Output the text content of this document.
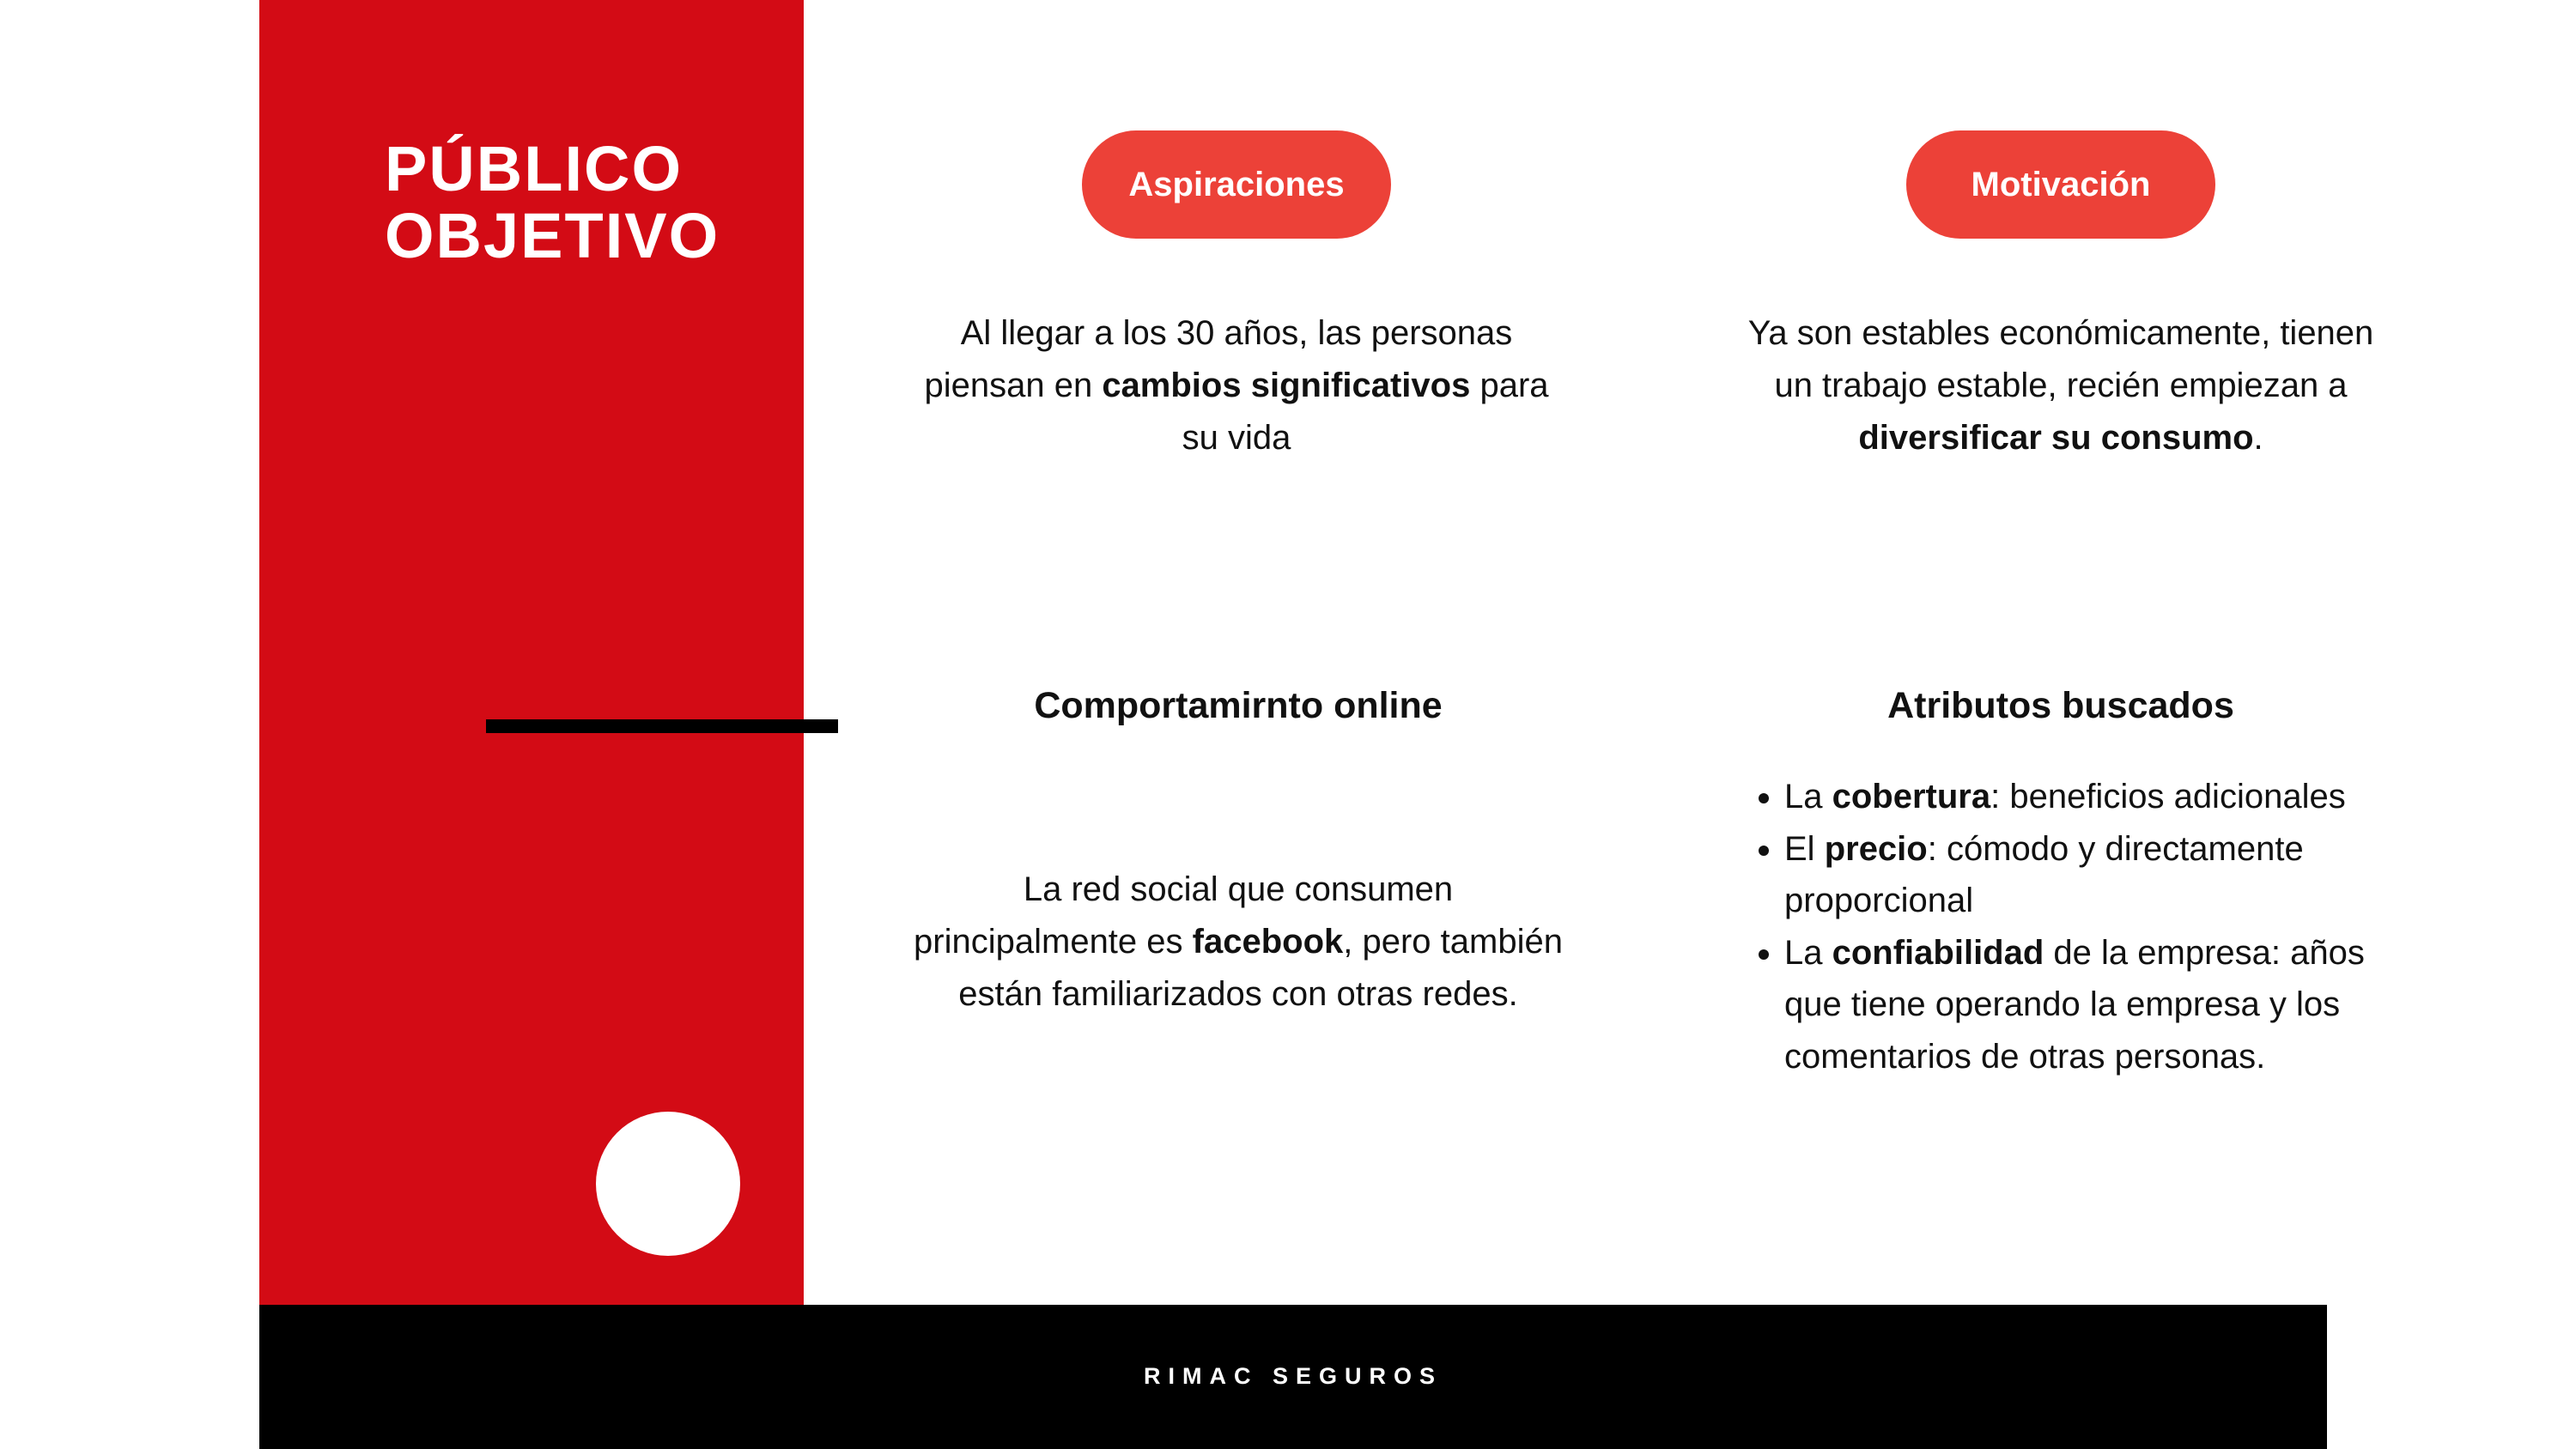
PÚBLICO
OBJETIVO
Aspiraciones	Motivación

Al llegar a los 30 años, las personas piensan en cambios significativos para su vida

Ya son estables económicamente, tienen un trabajo estable, recién empiezan a diversificar su consumo.

Comportamirnto online

La red social que consumen principalmente es facebook, pero también están familiarizados con otras redes.

Atributos buscados
• La cobertura: beneficios adicionales
• El precio: cómodo y directamente proporcional
• La confiabilidad de la empresa: años que tiene operando la empresa y los comentarios de otras personas.
RIMAC SEGUROS
